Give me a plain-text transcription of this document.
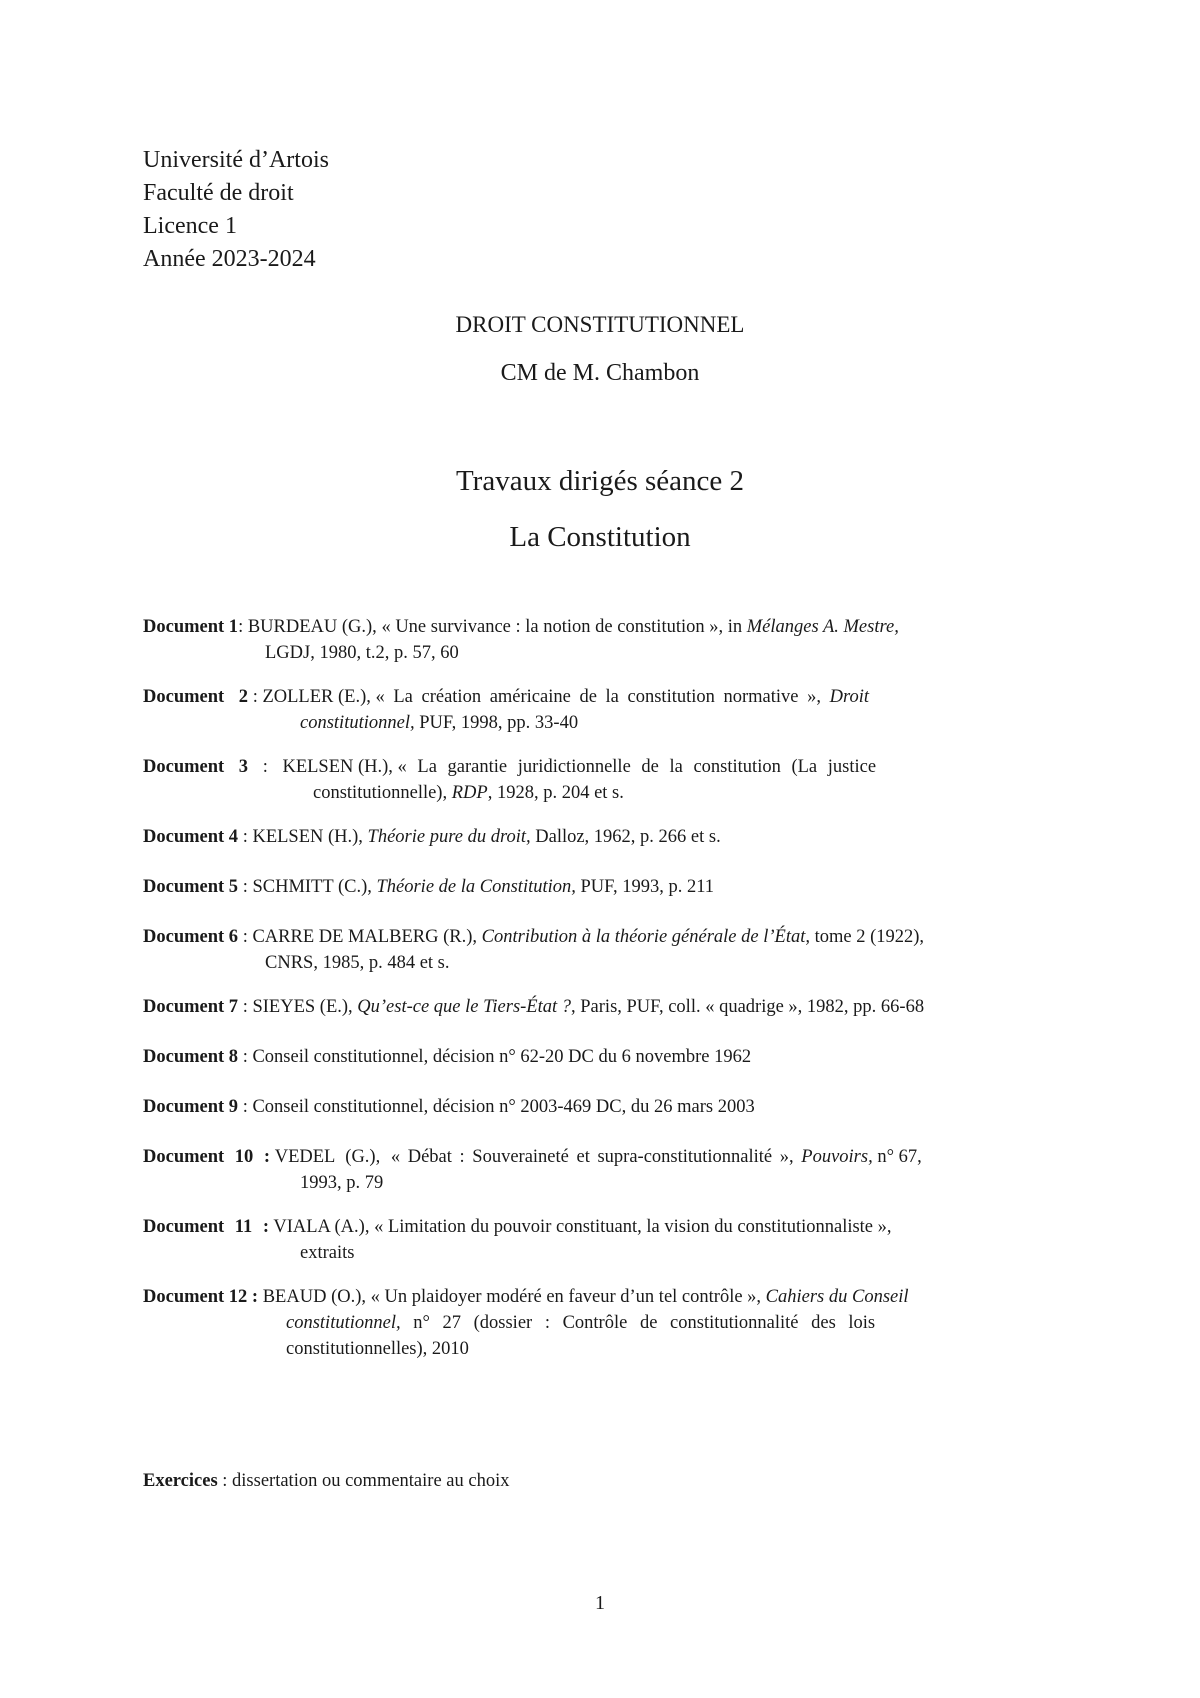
Université d’Artois
Faculté de droit
Licence 1
Année 2023-2024
DROIT CONSTITUTIONNEL
CM de M. Chambon
Travaux dirigés séance 2
La Constitution

Document 1: BURDEAU (G.), « Une survivance : la notion de constitution », in Mélanges A. Mestre,
LGDJ, 1980, t.2, p. 57, 60

Document 2 : ZOLLER (E.), « La création américaine de la constitution normative », Droit
constitutionnel, PUF, 1998, pp. 33-40

Document 3 : KELSEN (H.), « La garantie juridictionnelle de la constitution (La justice
constitutionnelle), RDP, 1928, p. 204 et s.

Document 4 : KELSEN (H.), Théorie pure du droit, Dalloz, 1962, p. 266 et s.

Document 5 : SCHMITT (C.), Théorie de la Constitution, PUF, 1993, p. 211

Document 6 : CARRE DE MALBERG (R.), Contribution à la théorie générale de l’État, tome 2 (1922),
CNRS, 1985, p. 484 et s.

Document 7 : SIEYES (E.), Qu’est-ce que le Tiers-État ?, Paris, PUF, coll. « quadrige », 1982, pp. 66-68

Document 8 : Conseil constitutionnel, décision n° 62-20 DC du 6 novembre 1962

Document 9 : Conseil constitutionnel, décision n° 2003-469 DC, du 26 mars 2003

Document 10 : VEDEL (G.), « Débat : Souveraineté et supra-constitutionnalité », Pouvoirs, n° 67,
1993, p. 79

Document 11 : VIALA (A.), « Limitation du pouvoir constituant, la vision du constitutionnaliste »,
extraits

Document 12 : BEAUD (O.), « Un plaidoyer modéré en faveur d’un tel contrôle », Cahiers du Conseil
constitutionnel, n° 27 (dossier : Contrôle de constitutionnalité des lois
constitutionnelles), 2010

Exercices : dissertation ou commentaire au choix
1
